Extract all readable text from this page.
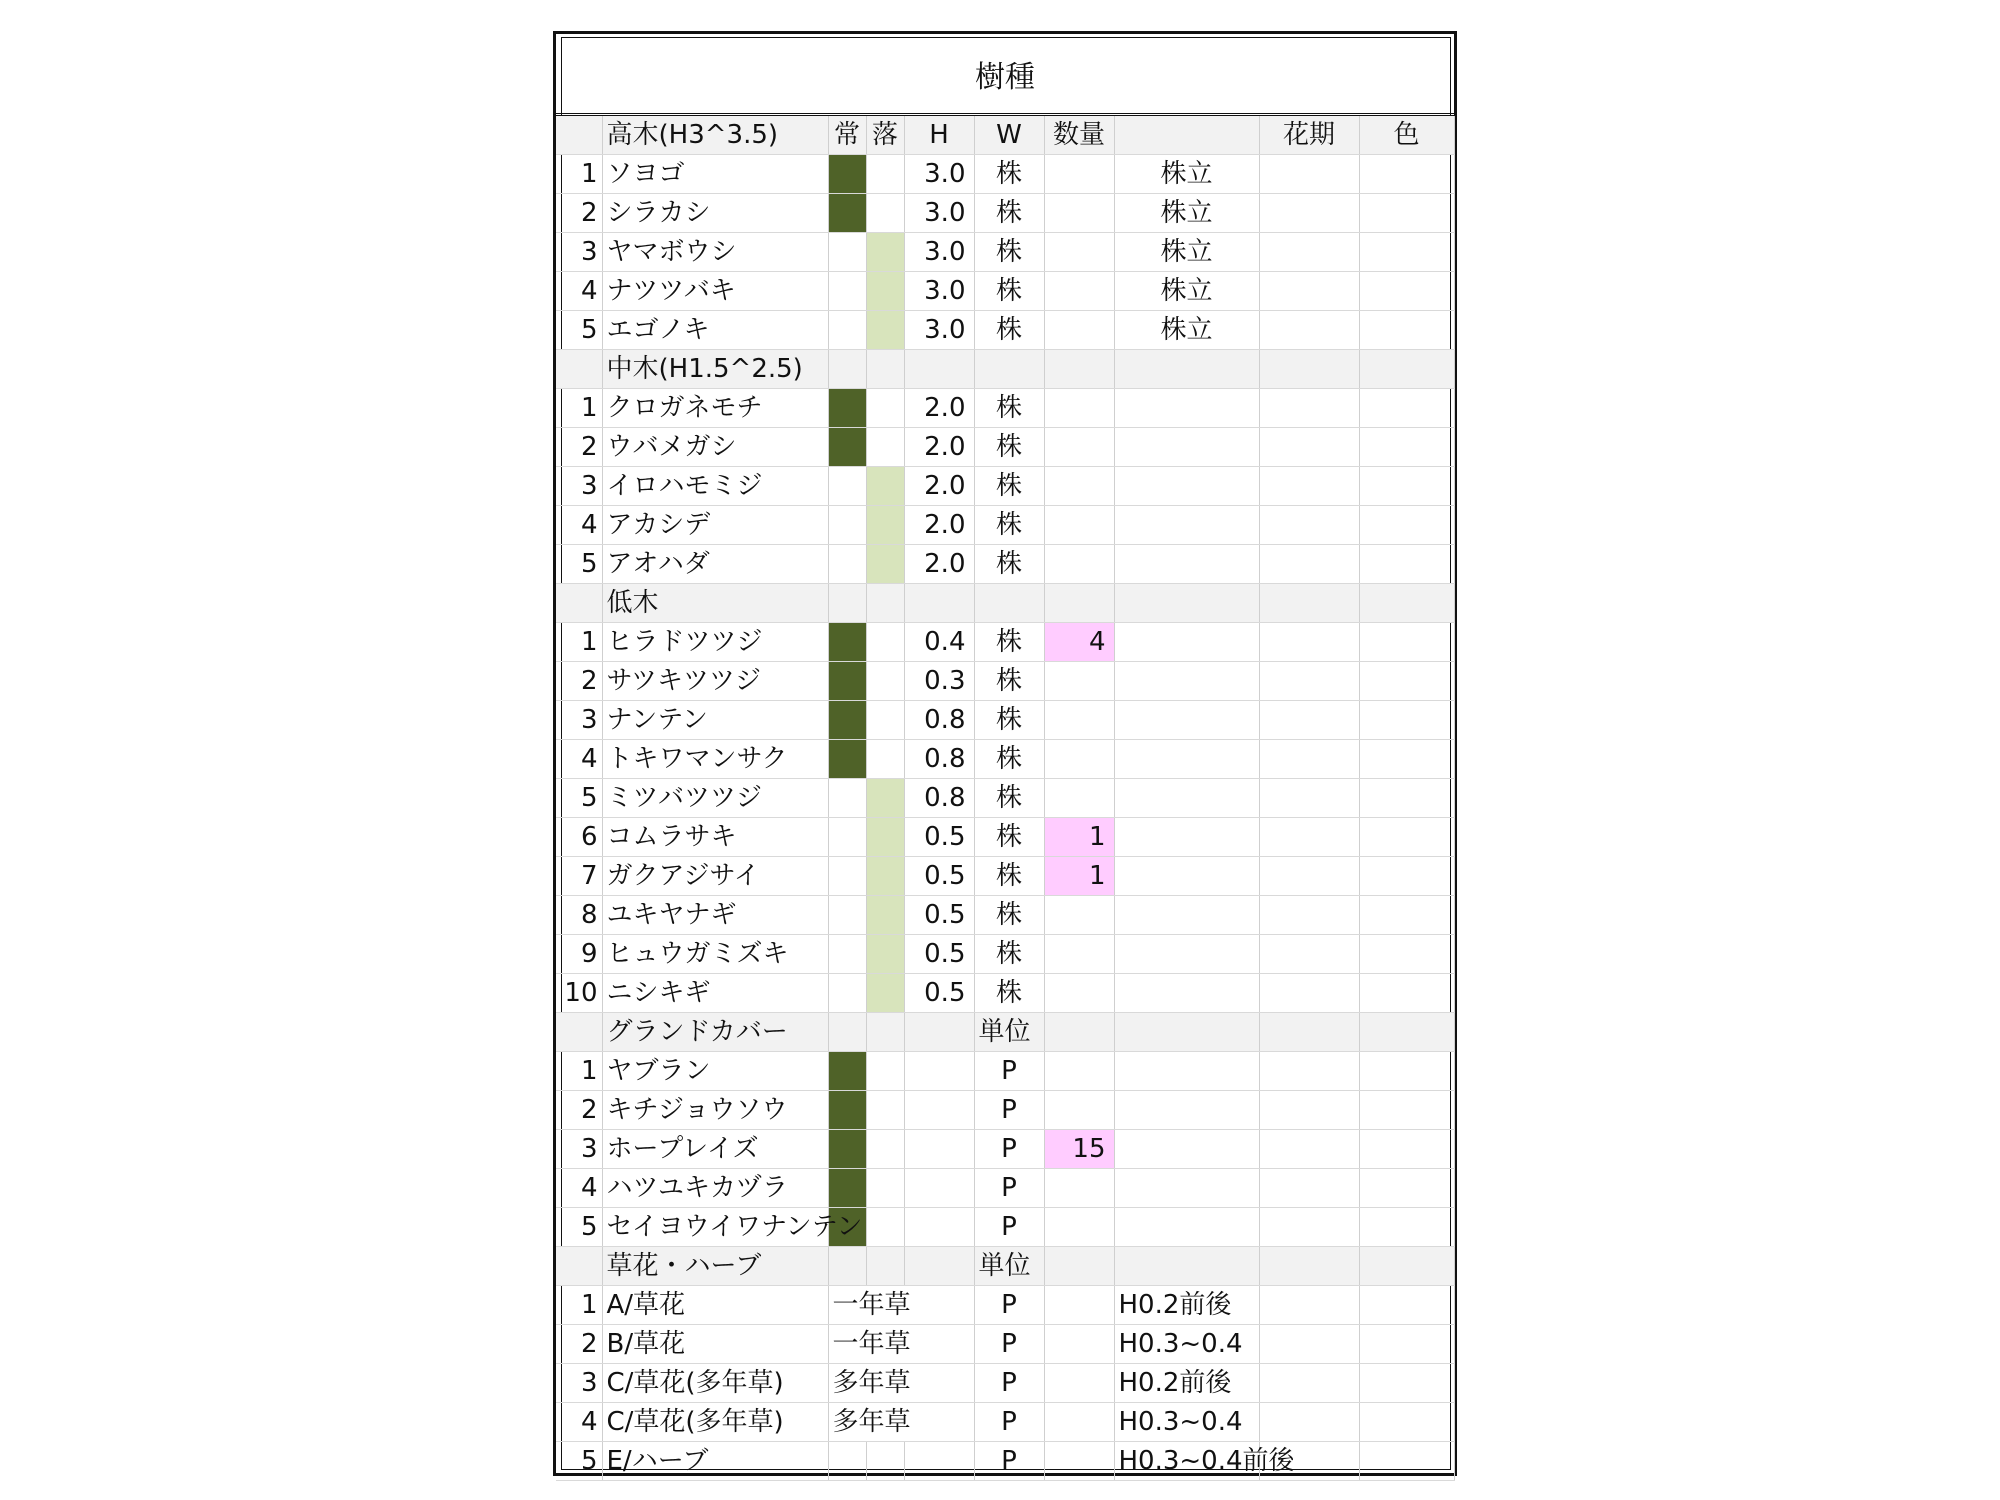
樹種
	高木(H3^3.5)	常	落	H	W	数量		花期	色
1	ソヨゴ			3.0	株		株立		
2	シラカシ			3.0	株		株立		
3	ヤマボウシ			3.0	株		株立		
4	ナツツバキ			3.0	株		株立		
5	エゴノキ			3.0	株		株立		
	中木(H1.5^2.5)								
1	クロガネモチ			2.0	株				
2	ウバメガシ			2.0	株				
3	イロハモミジ			2.0	株				
4	アカシデ			2.0	株				
5	アオハダ			2.0	株				
	低木								
1	ヒラドツツジ			0.4	株	4			
2	サツキツツジ			0.3	株				
3	ナンテン			0.8	株				
4	トキワマンサク			0.8	株				
5	ミツバツツジ			0.8	株				
6	コムラサキ			0.5	株	1			
7	ガクアジサイ			0.5	株	1			
8	ユキヤナギ			0.5	株				
9	ヒュウガミズキ			0.5	株				
10	ニシキギ			0.5	株				
	グランドカバー				単位				
1	ヤブラン				P				
2	キチジョウソウ				P				
3	ホープレイズ				P	15			
4	ハツユキカヅラ				P				
5	セイヨウイワナンテン				P				
	草花・ハーブ				単位				
1	A/草花	一年草			P		H0.2前後		
2	B/草花	一年草			P		H0.3~0.4		
3	C/草花(多年草)	多年草			P		H0.2前後		
4	C/草花(多年草)	多年草			P		H0.3~0.4		
5	E/ハーブ				P		H0.3~0.4前後		
